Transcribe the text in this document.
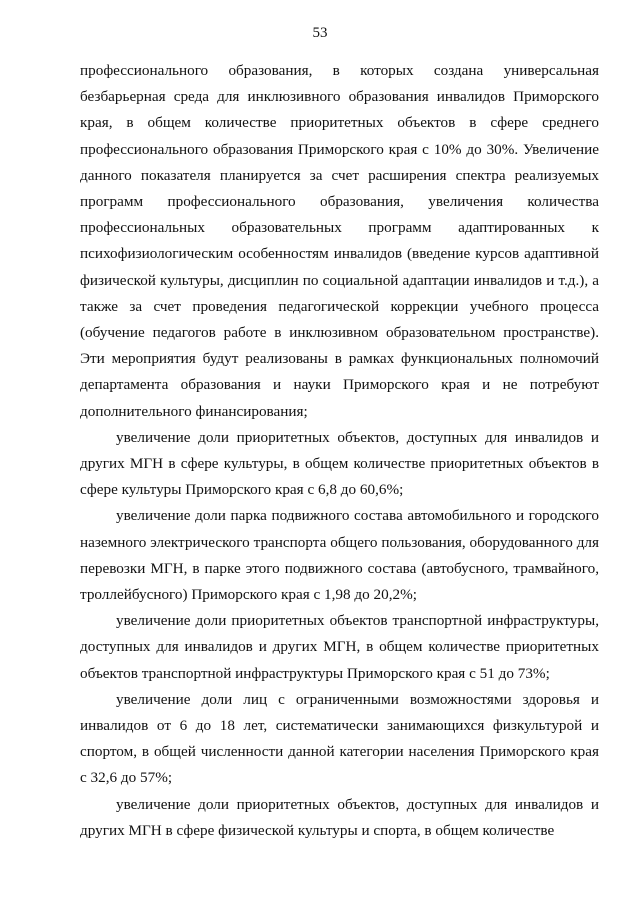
53

профессионального образования, в которых создана универсальная безбарьерная среда для инклюзивного образования инвалидов Приморского края, в общем количестве приоритетных объектов в сфере среднего профессионального образования Приморского края с 10% до 30%. Увеличение данного показателя планируется за счет расширения спектра реализуемых программ профессионального образования, увеличения количества профессиональных образовательных программ адаптированных к психофизиологическим особенностям инвалидов (введение курсов адаптивной физической культуры, дисциплин по социальной адаптации инвалидов и т.д.), а также за счет проведения педагогической коррекции учебного процесса (обучение педагогов работе в инклюзивном образовательном пространстве). Эти мероприятия будут реализованы в рамках функциональных полномочий департамента образования и науки Приморского края и не потребуют дополнительного финансирования;

увеличение доли приоритетных объектов, доступных для инвалидов и других МГН в сфере культуры, в общем количестве приоритетных объектов в сфере культуры Приморского края с 6,8 до 60,6%;

увеличение доли парка подвижного состава автомобильного и городского наземного электрического транспорта общего пользования, оборудованного для перевозки МГН, в парке этого подвижного состава (автобусного, трамвайного, троллейбусного) Приморского края с 1,98 до 20,2%;

увеличение доли приоритетных объектов транспортной инфраструктуры, доступных для инвалидов и других МГН, в общем количестве приоритетных объектов транспортной инфраструктуры Приморского края с 51 до 73%;

увеличение доли лиц с ограниченными возможностями здоровья и инвалидов от 6 до 18 лет, систематически занимающихся физкультурой и спортом, в общей численности данной категории населения Приморского края с 32,6 до 57%;

увеличение доли приоритетных объектов, доступных для инвалидов и других МГН в сфере физической культуры и спорта, в общем количестве
